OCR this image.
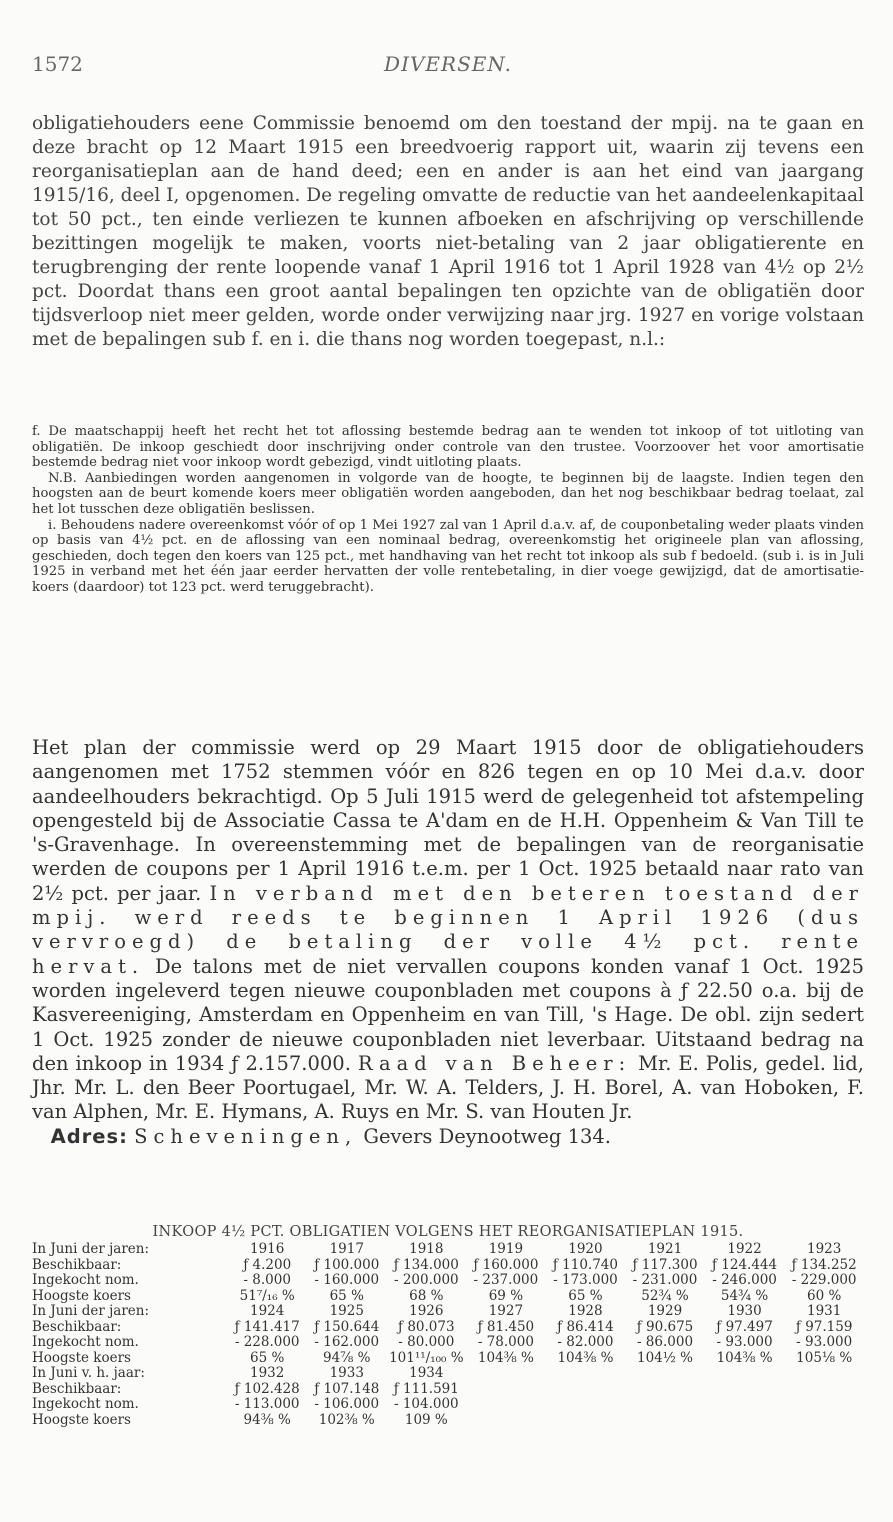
1572	DIVERSEN.

obligatiehouders eene Commissie benoemd om den toestand der mpij. na te gaan en deze bracht op 12 Maart 1915 een breedvoerig rapport uit, waarin zij tevens een reorganisatieplan aan de hand deed; een en ander is aan het eind van jaargang 1915/16, deel I, opgenomen. De regeling omvatte de reductie van het aandeelenkapitaal tot 50 pct., ten einde verliezen te kunnen afboeken en afschrijving op verschillende bezittingen mogelijk te maken, voorts niet-betaling van 2 jaar obligatierente en terugbrenging der rente loopende vanaf 1 April 1916 tot 1 April 1928 van 4½ op 2½ pct. Doordat thans een groot aantal bepalingen ten opzichte van de obligatiën door tijdsverloop niet meer gelden, worde onder verwijzing naar jrg. 1927 en vorige volstaan met de bepalingen sub f. en i. die thans nog worden toegepast, n.l.:

f. De maatschappij heeft het recht het tot aflossing bestemde bedrag aan te wenden tot inkoop of tot uitloting van obligatiën. De inkoop geschiedt door inschrijving onder controle van den trustee. Voorzoover het voor amortisatie bestemde bedrag niet voor inkoop wordt gebezigd, vindt uitloting plaats.

N.B. Aanbiedingen worden aangenomen in volgorde van de hoogte, te beginnen bij de laagste. Indien tegen den hoogsten aan de beurt komende koers meer obligatiën worden aangeboden, dan het nog beschikbaar bedrag toelaat, zal het lot tusschen deze obligatiën beslissen.

i. Behoudens nadere overeenkomst vóór of op 1 Mei 1927 zal van 1 April d.a.v. af, de couponbetaling weder plaats vinden op basis van 4½ pct. en de aflossing van een nominaal bedrag, overeenkomstig het origineele plan van aflossing, geschieden, doch tegen den koers van 125 pct., met handhaving van het recht tot inkoop als sub f bedoeld. (sub i. is in Juli 1925 in verband met het één jaar eerder hervatten der volle rentebetaling, in dier voege gewijzigd, dat de amortisatie-koers (daardoor) tot 123 pct. werd teruggebracht).

Het plan der commissie werd op 29 Maart 1915 door de obligatiehouders aangenomen met 1752 stemmen vóór en 826 tegen en op 10 Mei d.a.v. door aandeelhouders bekrachtigd. Op 5 Juli 1915 werd de gelegenheid tot afstempeling opengesteld bij de Associatie Cassa te A'dam en de H.H. Oppenheim & Van Till te 's-Gravenhage. In overeenstemming met de bepalingen van de reorganisatie werden de coupons per 1 April 1916 t.e.m. per 1 Oct. 1925 betaald naar rato van 2½ pct. per jaar. In verband met den beteren toestand der mpij. werd reeds te beginnen 1 April 1926 (dus vervroegd) de betaling der volle 4½ pct. rente hervat. De talons met de niet vervallen coupons konden vanaf 1 Oct. 1925 worden ingeleverd tegen nieuwe couponbladen met coupons à ƒ 22.50 o.a. bij de Kasvereeniging, Amsterdam en Oppenheim en van Till, 's Hage. De obl. zijn sedert 1 Oct. 1925 zonder de nieuwe couponbladen niet leverbaar. Uitstaand bedrag na den inkoop in 1934 ƒ 2.157.000. Raad van Beheer: Mr. E. Polis, gedel. lid, Jhr. Mr. L. den Beer Poortugael, Mr. W. A. Telders, J. H. Borel, A. van Hoboken, F. van Alphen, Mr. E. Hymans, A. Ruys en Mr. S. van Houten Jr.
Adres: Scheveningen, Gevers Deynootweg 134.

INKOOP 4½ PCT. OBLIGATIEN VOLGENS HET REORGANISATIEPLAN 1915.

In Juni der jaren:	1916	1917	1918	1919	1920	1921	1922	1923
Beschikbaar:	ƒ 4.200	ƒ 100.000	ƒ 134.000	ƒ 160.000	ƒ 110.740	ƒ 117.300	ƒ 124.444	ƒ 134.252
Ingekocht nom.	- 8.000	- 160.000	- 200.000	- 237.000	- 173.000	- 231.000	- 246.000	- 229.000
Hoogste koers	51⁷/₁₆ %	65 %	68 %	69 %	65 %	52¾ %	54¾ %	60 %
In Juni der jaren:	1924	1925	1926	1927	1928	1929	1930	1931
Beschikbaar:	ƒ 141.417	ƒ 150.644	ƒ 80.073	ƒ 81.450	ƒ 86.414	ƒ 90.675	ƒ 97.497	ƒ 97.159
Ingekocht nom.	- 228.000	- 162.000	- 80.000	- 78.000	- 82.000	- 86.000	- 93.000	- 93.000
Hoogste koers	65 %	94⅞ %	101¹¹/₁₀₀ %	104⅜ %	104⅜ %	104½ %	104⅜ %	105⅛ %
In Juni v. h. jaar:	1932	1933	1934					
Beschikbaar:	ƒ 102.428	ƒ 107.148	ƒ 111.591					
Ingekocht nom.	- 113.000	- 106.000	- 104.000					
Hoogste koers	94⅜ %	102⅜ %	109 %					
